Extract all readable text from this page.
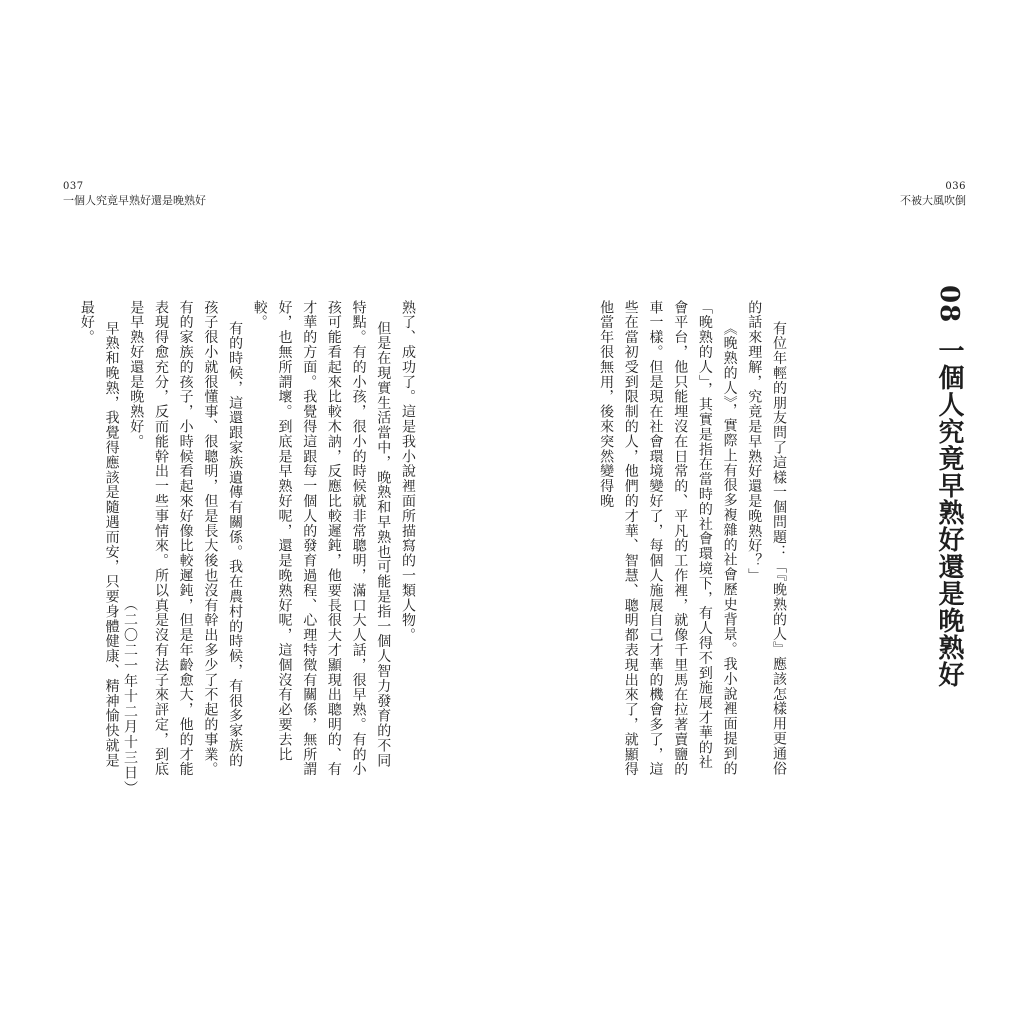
037
一個人究竟早熟好還是晚熟好
036
不被大風吹倒
08一個人究竟早熟好還是晚熟好

有位年輕的朋友問了這樣一個問題：「『晚熟的人』應該怎樣用更通俗的話來理解，究竟是早熟好還是晚熟好？」

《晚熟的人》，實際上有很多複雜的社會歷史背景。我小說裡面提到的「晚熟的人」，其實是指在當時的社會環境下，有人得不到施展才華的社會平台，他只能埋沒在日常的、平凡的工作裡，就像千里馬在拉著賣鹽的車一樣。但是現在社會環境變好了，每個人施展自己才華的機會多了，這些在當初受到限制的人，他們的才華、智慧、聰明都表現出來了，就顯得他當年很無用，後來突然變得晚

熟了、成功了。這是我小說裡面所描寫的一類人物。

但是在現實生活當中，晚熟和早熟也可能是指一個人智力發育的不同特點。有的小孩，很小的時候就非常聰明，滿口大人話，很早熟。有的小孩可能看起來比較木訥，反應比較遲鈍，他要長很大才顯現出聰明的、有才華的方面。我覺得這跟每一個人的發育過程、心理特徵有關係，無所謂好，也無所謂壞。到底是早熟好呢，還是晚熟好呢，這個沒有必要去比較。

有的時候，這還跟家族遺傳有關係。我在農村的時候，有很多家族的孩子很小就很懂事、很聰明，但是長大後也沒有幹出多少了不起的事業。有的家族的孩子，小時候看起來好像比較遲鈍，但是年齡愈大，他的才能表現得愈充分，反而能幹出一些事情來。所以真是沒有法子來評定，到底是早熟好還是晚熟好。

早熟和晚熟，我覺得應該是隨遇而安，只要身體健康、精神愉快就是最好。

（二〇二一年十二月十三日）
